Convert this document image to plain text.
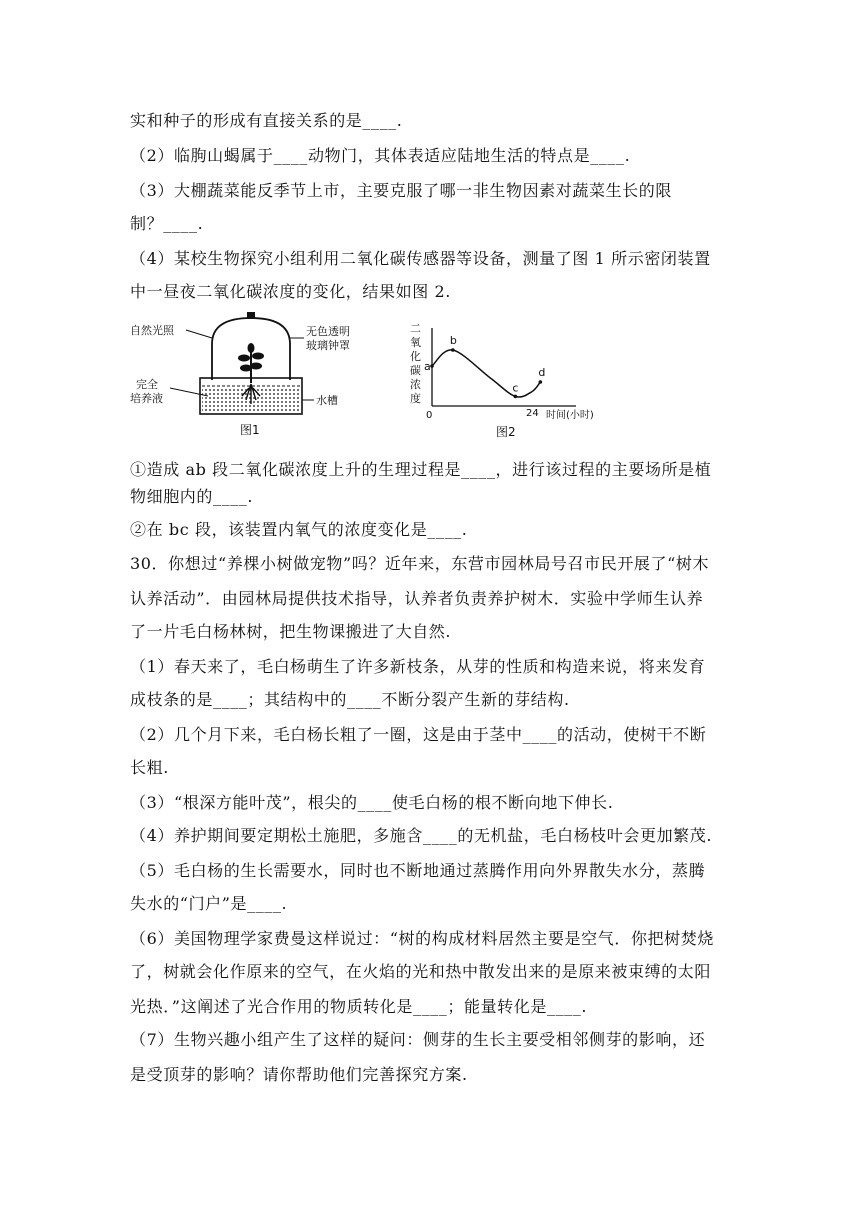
实和种子的形成有直接关系的是____.
（2）临朐山蝎属于____动物门，其体表适应陆地生活的特点是____.
（3）大棚蔬菜能反季节上市，主要克服了哪一非生物因素对蔬菜生长的限
制？____.
（4）某校生物探究小组利用二氧化碳传感器等设备，测量了图 1 所示密闭装置
中一昼夜二氧化碳浓度的变化，结果如图 2.
自然光照	无色透明
玻璃钟罩
完全
培养液	水槽
图1
二
氧
化
碳
浓
度
0	24 时间(小时)
a
b
c
d
图2
①造成 ab 段二氧化碳浓度上升的生理过程是____，进行该过程的主要场所是植
物细胞内的____.
②在 bc 段，该装置内氧气的浓度变化是____.
30．你想过“养棵小树做宠物”吗？近年来，东营市园林局号召市民开展了“树木
认养活动”．由园林局提供技术指导，认养者负责养护树木．实验中学师生认养
了一片毛白杨林树，把生物课搬进了大自然.
（1）春天来了，毛白杨萌生了许多新枝条，从芽的性质和构造来说，将来发育
成枝条的是____；其结构中的____不断分裂产生新的芽结构.
（2）几个月下来，毛白杨长粗了一圈，这是由于茎中____的活动，使树干不断
长粗.
（3）“根深方能叶茂”，根尖的____使毛白杨的根不断向地下伸长.
（4）养护期间要定期松土施肥，多施含____的无机盐，毛白杨枝叶会更加繁茂.
（5）毛白杨的生长需要水，同时也不断地通过蒸腾作用向外界散失水分，蒸腾
失水的“门户”是____.
（6）美国物理学家费曼这样说过：“树的构成材料居然主要是空气．你把树焚烧
了，树就会化作原来的空气，在火焰的光和热中散发出来的是原来被束缚的太阳
光热．”这阐述了光合作用的物质转化是____；能量转化是____.
（7）生物兴趣小组产生了这样的疑问：侧芽的生长主要受相邻侧芽的影响，还
是受顶芽的影响？请你帮助他们完善探究方案.
